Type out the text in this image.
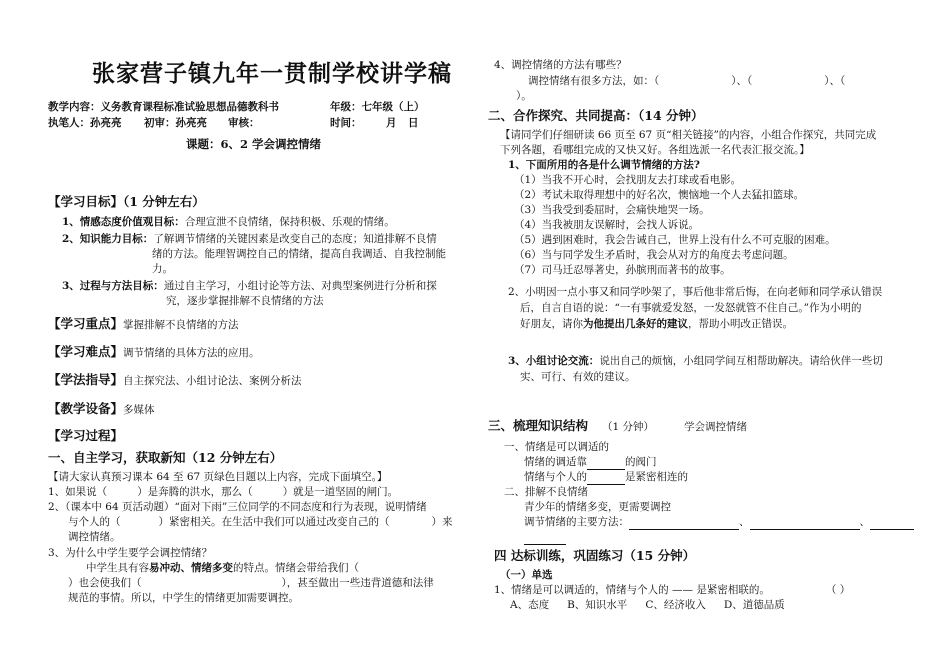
张家营子镇九年一贯制学校讲学稿
教学内容：义务教育课程标准试验思想品德教科书	年级：七年级（上）
执笔人：孙亮亮 初审：孙亮亮 审核：	时间： 月 日
课题：6、2 学会调控情绪
【学习目标】（1 分钟左右）
1、情感态度价值观目标：合理宣泄不良情绪，保持积极、乐观的情绪。
2、知识能力目标：了解调节情绪的关键因素是改变自己的态度；知道排解不良情
绪的方法。能理智调控自己的情绪，提高自我调适、自我控制能
力。
3、过程与方法目标：通过自主学习，小组讨论等方法、对典型案例进行分析和探
究，逐步掌握排解不良情绪的方法
【学习重点】掌握排解不良情绪的方法
【学习难点】调节情绪的具体方法的应用。
【学法指导】自主探究法、小组讨论法、案例分析法
【教学设备】多媒体
【学习过程】
一、自主学习，获取新知（12 分钟左右）
【请大家认真预习课本 64 至 67 页绿色目题以上内容，完成下面填空。】
1、如果说（	）是奔腾的洪水，那么（	）就是一道坚固的闸门。
2、（课本中 64 页活动题）“面对下雨”三位同学的不同态度和行为表现，说明情绪
与个人的（	）紧密相关。在生活中我们可以通过改变自己的（	）来
调控情绪。
3、为什么中学生要学会调控情绪？
中学生具有容易冲动、情绪多变的特点。情绪会带给我们（
）也会使我们（	），甚至做出一些违背道德和法律
规范的事情。所以，中学生的情绪更加需要调控。
4、调控情绪的方法有哪些？
调控情绪有很多方法，如：（	）、（	）、（
）。
二、合作探究、共同提高：（14 分钟）
【请同学们仔细研读 66 页至 67 页“相关链接”的内容，小组合作探究，共同完成
下列各题，看哪组完成的又快又好。各组选派一名代表汇报交流。】
1、下面所用的各是什么调节情绪的方法?
（1）当我不开心时，会找朋友去打球或看电影。
（2）考试未取得理想中的好名次，懊恼地一个人去猛扣篮球。
（3）当我受到委屈时，会痛快地哭一场。
（4）当我被朋友误解时，会找人诉说。
（5）遇到困难时，我会告诫自己，世界上没有什么不可克服的困难。
（6）当与同学发生矛盾时，我会从对方的角度去考虑问题。
（7）司马迁忍辱著史，孙膑刑而著书的故事。
2、小明因一点小事又和同学吵架了，事后他非常后悔，在向老师和同学承认错误
后，自言自语的说：“一有事就爱发怒，一发怒就管不住自己。”作为小明的
好朋友，请你为他提出几条好的建议，帮助小明改正错误。
3、小组讨论交流：说出自己的烦恼，小组同学间互相帮助解决。请给伙伴一些切
实、可行、有效的建议。
三、梳理知识结构 （1 分钟）	学会调控情绪
一、情绪是可以调适的
情绪的调适靠	的阀门
情绪与个人的	是紧密相连的
二、排解不良情绪
青少年的情绪多变，更需要调控
调节情绪的主要方法：	、	、
四 达标训练，巩固练习（15 分钟）
（一）单选
1、情绪是可以调适的，情绪与个人的 —— 是紧密相联的。	（ ）
A、态度 B、知识水平 C、经济收入 D、道德品质
